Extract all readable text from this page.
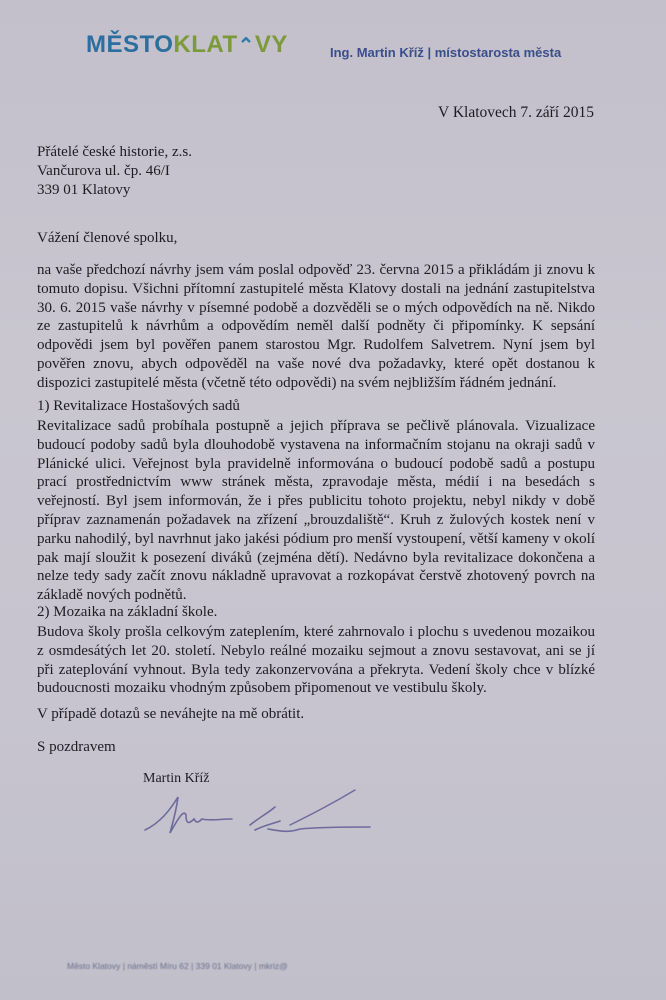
MĚSTOKLAT⌃VY	Ing. Martin Kříž | místostarosta města
V Klatovech 7. září 2015
Přátelé české historie, z.s.
Vančurova ul. čp. 46/I
339 01 Klatovy
Vážení členové spolku,
na vaše předchozí návrhy jsem vám poslal odpověď 23. června 2015 a přikládám ji znovu k tomuto dopisu. Všichni přítomní zastupitelé města Klatovy dostali na jednání zastupitelstva 30. 6. 2015 vaše návrhy v písemné podobě a dozvěděli se o mých odpovědích na ně. Nikdo ze zastupitelů k návrhům a odpovědím neměl další podněty či připomínky. K sepsání odpovědi jsem byl pověřen panem starostou Mgr. Rudolfem Salvetrem. Nyní jsem byl pověřen znovu, abych odpověděl na vaše nové dva požadavky, které opět dostanou k dispozici zastupitelé města (včetně této odpovědi) na svém nejbližším řádném jednání.
1) Revitalizace Hostašových sadů
Revitalizace sadů probíhala postupně a jejich příprava se pečlivě plánovala. Vizualizace budoucí podoby sadů byla dlouhodobě vystavena na informačním stojanu na okraji sadů v Plánické ulici. Veřejnost byla pravidelně informována o budoucí podobě sadů a postupu prací prostřednictvím www stránek města, zpravodaje města, médií i na besedách s veřejností. Byl jsem informován, že i přes publicitu tohoto projektu, nebyl nikdy v době příprav zaznamenán požadavek na zřízení „brouzdaliště“. Kruh z žulových kostek není v parku nahodilý, byl navrhnut jako jakési pódium pro menší vystoupení, větší kameny v okolí pak mají sloužit k posezení diváků (zejména dětí). Nedávno byla revitalizace dokončena a nelze tedy sady začít znovu nákladně upravovat a rozkopávat čerstvě zhotovený povrch na základě nových podnětů.
2) Mozaika na základní škole.
Budova školy prošla celkovým zateplením, které zahrnovalo i plochu s uvedenou mozaikou z osmdesátých let 20. století. Nebylo reálné mozaiku sejmout a znovu sestavovat, ani se jí při zateplování vyhnout. Byla tedy zakonzervována a překryta. Vedení školy chce v blízké budoucnosti mozaiku vhodným způsobem připomenout ve vestibulu školy.
V případě dotazů se neváhejte na mě obrátit.
S pozdravem
Martin Kříž
Město Klatovy | náměstí Míru 62 | 339 01 Klatovy | mkriz@
